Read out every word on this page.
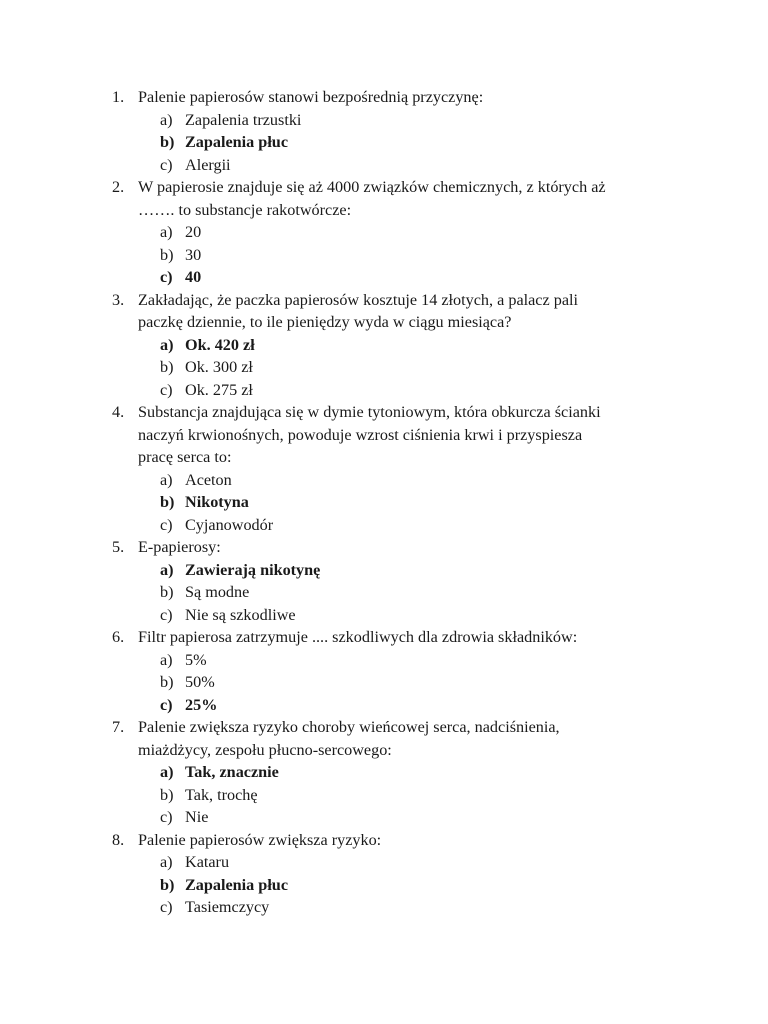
1. Palenie papierosów stanowi bezpośrednią przyczynę:
a) Zapalenia trzustki
b) Zapalenia płuc
c) Alergii
2. W papierosie znajduje się aż 4000 związków chemicznych, z których aż
……. to substancje rakotwórcze:
a) 20
b) 30
c) 40
3. Zakładając, że paczka papierosów kosztuje 14 złotych, a palacz pali
paczkę dziennie, to ile pieniędzy wyda w ciągu miesiąca?
a) Ok. 420 zł
b) Ok. 300 zł
c) Ok. 275 zł
4. Substancja znajdująca się w dymie tytoniowym, która obkurcza ścianki
naczyń krwionośnych, powoduje wzrost ciśnienia krwi i przyspiesza
pracę serca to:
a) Aceton
b) Nikotyna
c) Cyjanowodór
5. E-papierosy:
a) Zawierają nikotynę
b) Są modne
c) Nie są szkodliwe
6. Filtr papierosa zatrzymuje .... szkodliwych dla zdrowia składników:
a) 5%
b) 50%
c) 25%
7. Palenie zwiększa ryzyko choroby wieńcowej serca, nadciśnienia,
miażdżycy, zespołu płucno-sercowego:
a) Tak, znacznie
b) Tak, trochę
c) Nie
8. Palenie papierosów zwiększa ryzyko:
a) Kataru
b) Zapalenia płuc
c) Tasiemczycy
